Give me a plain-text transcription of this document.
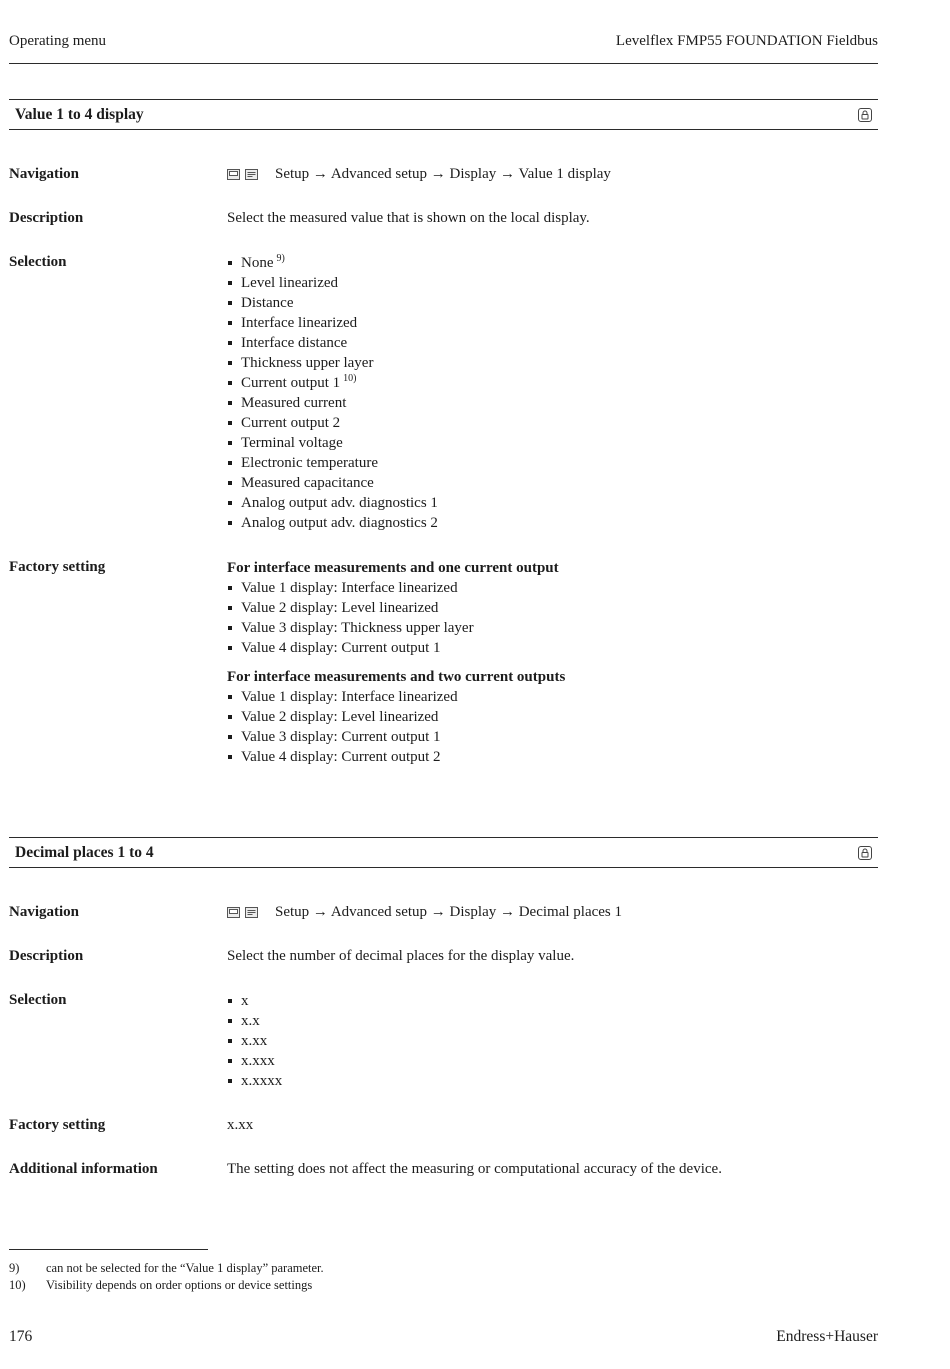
Operating menu	Levelflex FMP55 FOUNDATION Fieldbus
Value 1 to 4 display
Navigation	Setup → Advanced setup → Display → Value 1 display
Description	Select the measured value that is shown on the local display.
Selection	None $^{9)}$
Level linearized
Distance
Interface linearized
Interface distance
Thickness upper layer
Current output 1 $^{10)}$
Measured current
Current output 2
Terminal voltage
Electronic temperature
Measured capacitance
Analog output adv. diagnostics 1
Analog output adv. diagnostics 2
Factory setting	For interface measurements and one current output
Value 1 display: Interface linearized
Value 2 display: Level linearized
Value 3 display: Thickness upper layer
Value 4 display: Current output 1
For interface measurements and two current outputs
Value 1 display: Interface linearized
Value 2 display: Level linearized
Value 3 display: Current output 1
Value 4 display: Current output 2
Decimal places 1 to 4
Navigation	Setup → Advanced setup → Display → Decimal places 1
Description	Select the number of decimal places for the display value.
Selection	x
x.x
x.xx
x.xxx
x.xxxx
Factory setting	x.xx
Additional information	The setting does not affect the measuring or computational accuracy of the device.
9)	can not be selected for the “Value 1 display” parameter.
10)	Visibility depends on order options or device settings
176	Endress+Hauser
